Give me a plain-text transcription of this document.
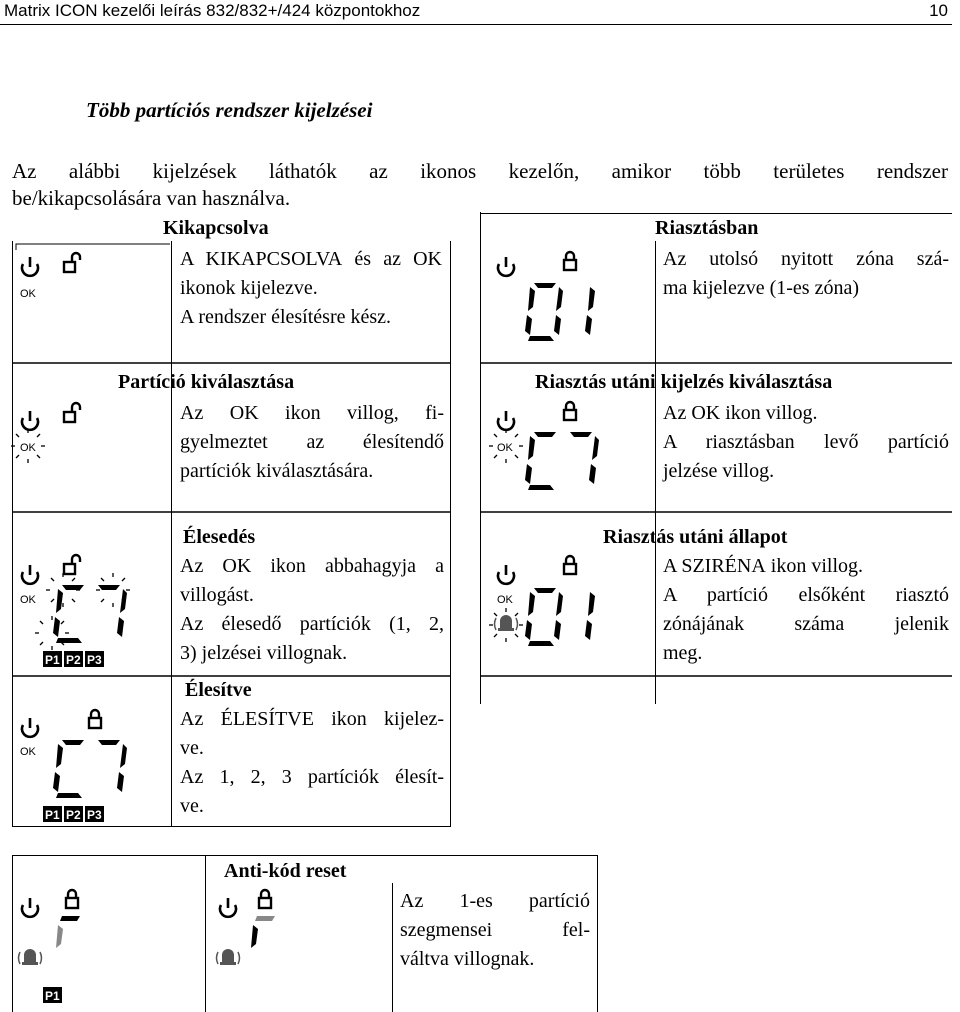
Matrix ICON kezelői leírás 832/832+/424 központokhoz	10
Több partíciós rendszer kijelzései
Az alábbi kijelzések láthatók az ikonos kezelőn, amikor több területes rendszer
be/kikapcsolására van használva.
OK
OK	OK
OK
P1 P2 P3
OK
OK
P1 P2 P3
P1
Kikapcsolva
A KIKAPCSOLVA és az OK
ikonok kijelezve.
A rendszer élesítésre kész.
Riasztásban
Az utolsó nyitott zóna szá-
ma kijelezve (1-es zóna)
Partíció kiválasztása
Az OK ikon villog, fi-
gyelmeztet az élesítendő
partíciók kiválasztására.
Riasztás utáni kijelzés kiválasztása
Az OK ikon villog.
A riasztásban levő partíció
jelzése villog.
Élesedés
Az OK ikon abbahagyja a
villogást.
Az élesedő partíciók (1, 2,
3) jelzései villognak.
Riasztás utáni állapot
A SZIRÉNA ikon villog.
A partíció elsőként riasztó
zónájának száma jelenik
meg.
Élesítve
Az ÉLESÍTVE ikon kijelez-
ve.
Az 1, 2, 3 partíciók élesít-
ve.
Anti-kód reset
Az 1-es partíció
szegmensei fel-
váltva villognak.
